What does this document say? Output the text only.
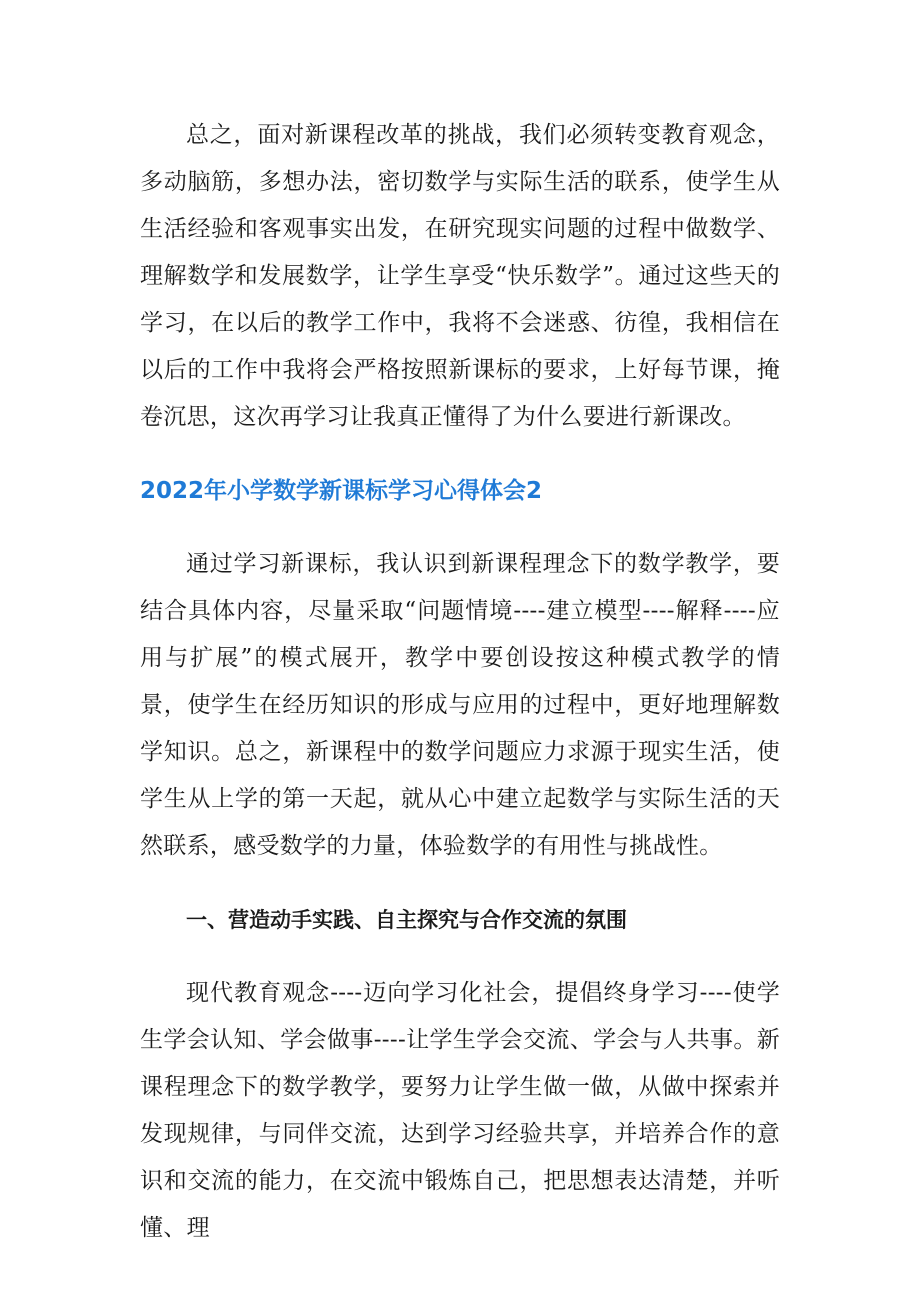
总之，面对新课程改革的挑战，我们必须转变教育观念，多动脑筋，多想办法，密切数学与实际生活的联系，使学生从生活经验和客观事实出发，在研究现实问题的过程中做数学、理解数学和发展数学，让学生享受“快乐数学”。通过这些天的学习，在以后的教学工作中，我将不会迷惑、彷徨，我相信在以后的工作中我将会严格按照新课标的要求，上好每节课，掩卷沉思，这次再学习让我真正懂得了为什么要进行新课改。

2022年小学数学新课标学习心得体会2

通过学习新课标，我认识到新课程理念下的数学教学，要结合具体内容，尽量采取“问题情境----建立模型----解释----应用与扩展”的模式展开，教学中要创设按这种模式教学的情景，使学生在经历知识的形成与应用的过程中，更好地理解数学知识。总之，新课程中的数学问题应力求源于现实生活，使学生从上学的第一天起，就从心中建立起数学与实际生活的天然联系，感受数学的力量，体验数学的有用性与挑战性。

一、营造动手实践、自主探究与合作交流的氛围

现代教育观念----迈向学习化社会，提倡终身学习----使学生学会认知、学会做事----让学生学会交流、学会与人共事。新课程理念下的数学教学，要努力让学生做一做，从做中探索并发现规律，与同伴交流，达到学习经验共享，并培养合作的意识和交流的能力，在交流中锻炼自己，把思想表达清楚，并听懂、理
